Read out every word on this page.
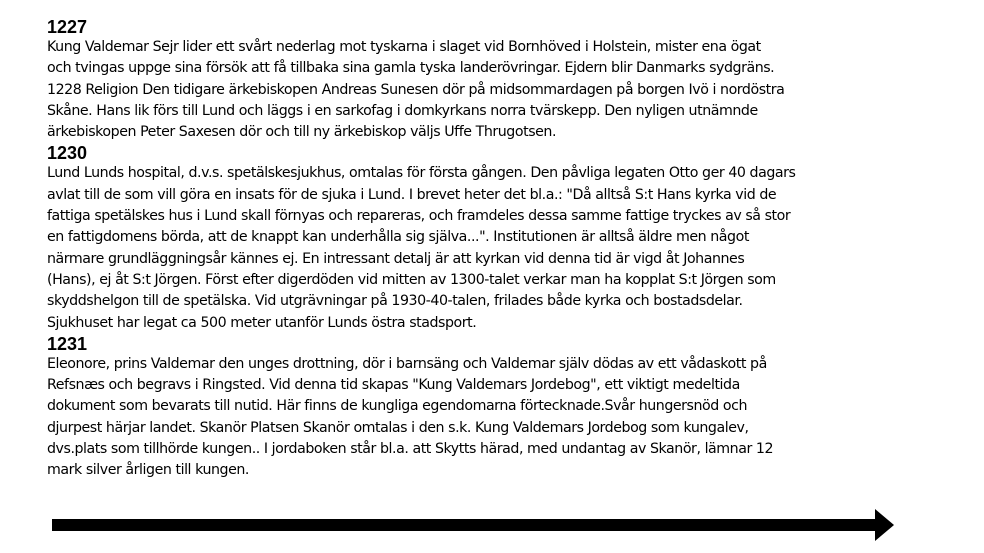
1227
Kung Valdemar Sejr lider ett svårt nederlag mot tyskarna i slaget vid Bornhöved i Holstein, mister ena ögat
och tvingas uppge sina försök att få tillbaka sina gamla tyska landerövringar. Ejdern blir Danmarks sydgräns.
1228 Religion Den tidigare ärkebiskopen Andreas Sunesen dör på midsommardagen på borgen Ivö i nordöstra
Skåne. Hans lik förs till Lund och läggs i en sarkofag i domkyrkans norra tvärskepp. Den nyligen utnämnde
ärkebiskopen Peter Saxesen dör och till ny ärkebiskop väljs Uffe Thrugotsen.
1230
Lund Lunds hospital, d.v.s. spetälskesjukhus, omtalas för första gången. Den påvliga legaten Otto ger 40 dagars
avlat till de som vill göra en insats för de sjuka i Lund. I brevet heter det bl.a.: "Då alltså S:t Hans kyrka vid de
fattiga spetälskes hus i Lund skall förnyas och repareras, och framdeles dessa samme fattige tryckes av så stor
en fattigdomens börda, att de knappt kan underhålla sig själva...". Institutionen är alltså äldre men något
närmare grundläggningsår kännes ej. En intressant detalj är att kyrkan vid denna tid är vigd åt Johannes
(Hans), ej åt S:t Jörgen. Först efter digerdöden vid mitten av 1300-talet verkar man ha kopplat S:t Jörgen som
skyddshelgon till de spetälska. Vid utgrävningar på 1930-40-talen, frilades både kyrka och bostadsdelar.
Sjukhuset har legat ca 500 meter utanför Lunds östra stadsport.
1231
Eleonore, prins Valdemar den unges drottning, dör i barnsäng och Valdemar själv dödas av ett vådaskott på
Refsnæs och begravs i Ringsted. Vid denna tid skapas "Kung Valdemars Jordebog", ett viktigt medeltida
dokument som bevarats till nutid. Här finns de kungliga egendomarna förtecknade.Svår hungersnöd och
djurpest härjar landet. Skanör Platsen Skanör omtalas i den s.k. Kung Valdemars Jordebog som kungalev,
dvs.plats som tillhörde kungen.. I jordaboken står bl.a. att Skytts härad, med undantag av Skanör, lämnar 12
mark silver årligen till kungen.
